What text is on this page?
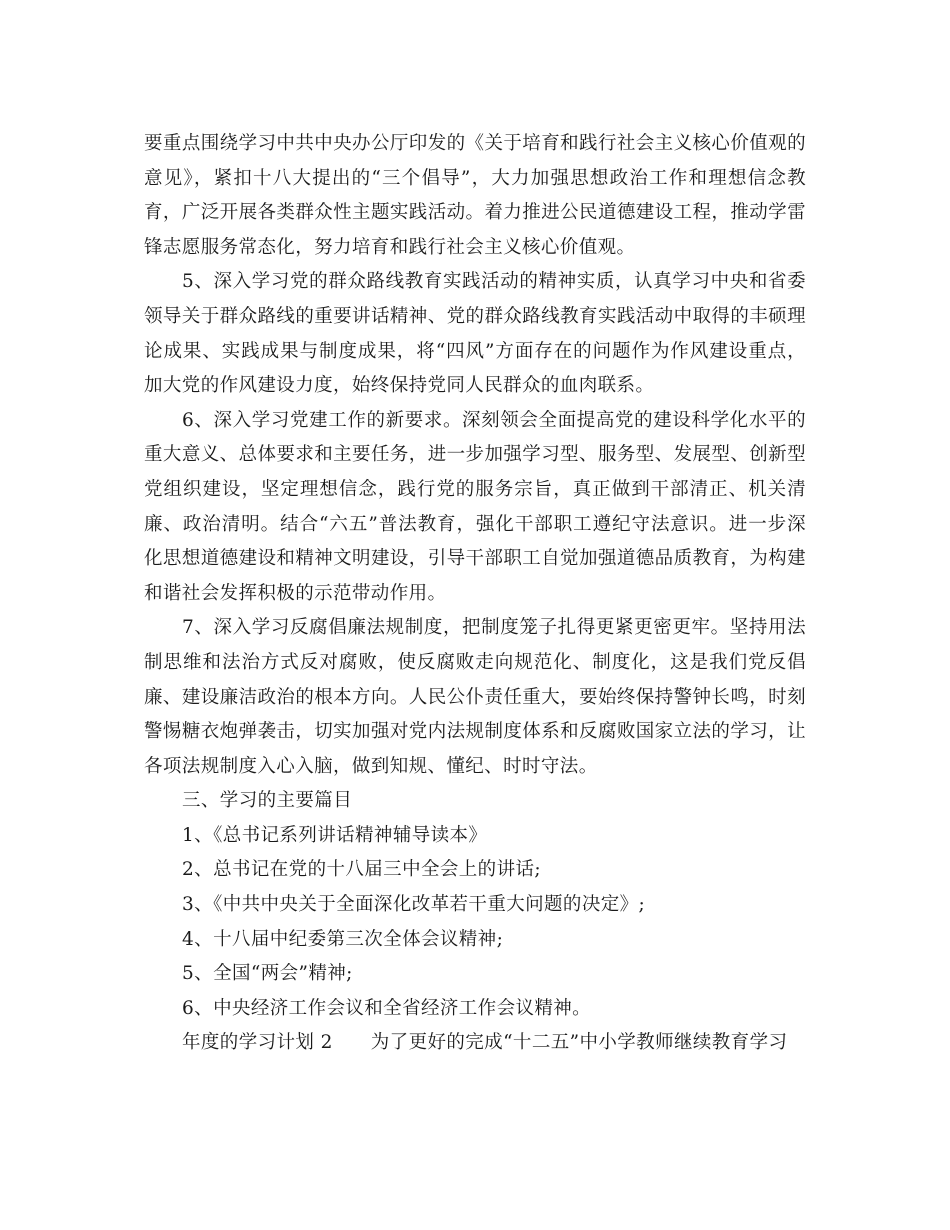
要重点围绕学习中共中央办公厅印发的《关于培育和践行社会主义核心价值观的意见》，紧扣十八大提出的“三个倡导”，大力加强思想政治工作和理想信念教育，广泛开展各类群众性主题实践活动。着力推进公民道德建设工程，推动学雷锋志愿服务常态化，努力培育和践行社会主义核心价值观。

5、深入学习党的群众路线教育实践活动的精神实质，认真学习中央和省委领导关于群众路线的重要讲话精神、党的群众路线教育实践活动中取得的丰硕理论成果、实践成果与制度成果，将“四风”方面存在的问题作为作风建设重点，加大党的作风建设力度，始终保持党同人民群众的血肉联系。

6、深入学习党建工作的新要求。深刻领会全面提高党的建设科学化水平的重大意义、总体要求和主要任务，进一步加强学习型、服务型、发展型、创新型党组织建设，坚定理想信念，践行党的服务宗旨，真正做到干部清正、机关清廉、政治清明。结合“六五”普法教育，强化干部职工遵纪守法意识。进一步深化思想道德建设和精神文明建设，引导干部职工自觉加强道德品质教育，为构建和谐社会发挥积极的示范带动作用。

7、深入学习反腐倡廉法规制度，把制度笼子扎得更紧更密更牢。坚持用法制思维和法治方式反对腐败，使反腐败走向规范化、制度化，这是我们党反倡廉、建设廉洁政治的根本方向。人民公仆责任重大，要始终保持警钟长鸣，时刻警惕糖衣炮弹袭击，切实加强对党内法规制度体系和反腐败国家立法的学习，让各项法规制度入心入脑，做到知规、懂纪、时时守法。

三、学习的主要篇目

1、《总书记系列讲话精神辅导读本》

2、总书记在党的十八届三中全会上的讲话;

3、《中共中央关于全面深化改革若干重大问题的决定》;

4、十八届中纪委第三次全体会议精神;

5、全国“两会”精神;

6、中央经济工作会议和全省经济工作会议精神。

年度的学习计划 2 为了更好的完成“十二五”中小学教师继续教育学习
